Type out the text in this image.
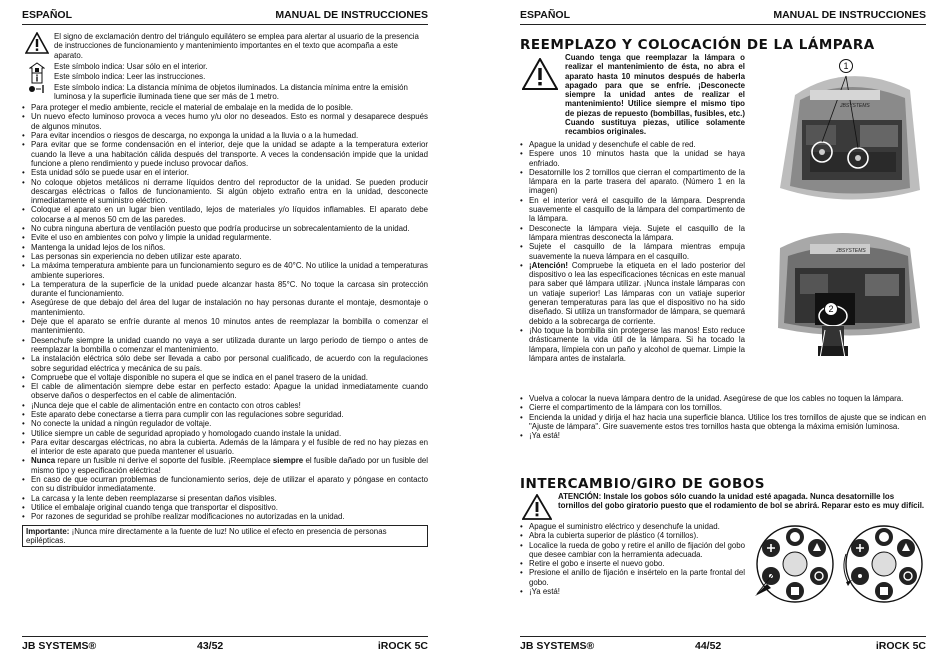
ESPAÑOL	MANUAL DE INSTRUCCIONES
El signo de exclamación dentro del triángulo equilátero se emplea para alertar al usuario de la presencia de instrucciones de funcionamiento y mantenimiento importantes en el texto que acompaña a este aparato.
Este símbolo indica: Usar sólo en el interior.
Este símbolo indica: Leer las instrucciones.
Este símbolo indica: La distancia mínima de objetos iluminados. La distancia mínima entre la emisión luminosa y la superficie iluminada tiene que ser más de 1 metro.
• Para proteger el medio ambiente, recicle el material de embalaje en la medida de lo posible.
• Un nuevo efecto luminoso provoca a veces humo y/u olor no deseados. Esto es normal y desaparece después de algunos minutos.
• Para evitar incendios o riesgos de descarga, no exponga la unidad a la lluvia o a la humedad.
• Para evitar que se forme condensación en el interior, deje que la unidad se adapte a la temperatura exterior cuando la lleve a una habitación cálida después del transporte. A veces la condensación impide que la unidad funcione a pleno rendimiento y puede incluso provocar daños.
• Esta unidad sólo se puede usar en el interior.
• No coloque objetos metálicos ni derrame líquidos dentro del reproductor de la unidad. Se pueden producir descargas eléctricas o fallos de funcionamiento. Si algún objeto extraño entra en la unidad, desconecte inmediatamente el suministro eléctrico.
• Coloque el aparato en un lugar bien ventilado, lejos de materiales y/o líquidos inflamables. El aparato debe colocarse a al menos 50 cm de las paredes.
• No cubra ninguna abertura de ventilación puesto que podría producirse un sobrecalentamiento de la unidad.
• Evite el uso en ambientes con polvo y limpie la unidad regularmente.
• Mantenga la unidad lejos de los niños.
• Las personas sin experiencia no deben utilizar este aparato.
• La máxima temperatura ambiente para un funcionamiento seguro es de 40°C. No utilice la unidad a temperaturas ambiente superiores.
• La temperatura de la superficie de la unidad puede alcanzar hasta 85°C. No toque la carcasa sin protección durante el funcionamiento.
• Asegúrese de que debajo del área del lugar de instalación no hay personas durante el montaje, desmontaje o mantenimiento.
• Deje que el aparato se enfríe durante al menos 10 minutos antes de reemplazar la bombilla o comenzar el mantenimiento.
• Desenchufe siempre la unidad cuando no vaya a ser utilizada durante un largo periodo de tiempo o antes de reemplazar la bombilla o comenzar el mantenimiento.
• La instalación eléctrica sólo debe ser llevada a cabo por personal cualificado, de acuerdo con la regulaciones sobre seguridad eléctrica y mecánica de su país.
• Compruebe que el voltaje disponible no supera el que se indica en el panel trasero de la unidad.
• El cable de alimentación siempre debe estar en perfecto estado: Apague la unidad inmediatamente cuando observe daños o desperfectos en el cable de alimentación.
• ¡Nunca deje que el cable de alimentación entre en contacto con otros cables!
• Este aparato debe conectarse a tierra para cumplir con las regulaciones sobre seguridad.
• No conecte la unidad a ningún regulador de voltaje.
• Utilice siempre un cable de seguridad apropiado y homologado cuando instale la unidad.
• Para evitar descargas eléctricas, no abra la cubierta. Además de la lámpara y el fusible de red no hay piezas en el interior de este aparato que pueda mantener el usuario.
• Nunca repare un fusible ni derive el soporte del fusible. ¡Reemplace siempre el fusible dañado por un fusible del mismo tipo y especificación eléctrica!
• En caso de que ocurran problemas de funcionamiento serios, deje de utilizar el aparato y póngase en contacto con su distribuidor inmediatamente.
• La carcasa y la lente deben reemplazarse si presentan daños visibles.
• Utilice el embalaje original cuando tenga que transportar el dispositivo.
• Por razones de seguridad se prohíbe realizar modificaciones no autorizadas en la unidad.
Importante: ¡Nunca mire directamente a la fuente de luz! No utilice el efecto en presencia de personas epilépticas.
JB SYSTEMS®	43/52	iROCK 5C
ESPAÑOL	MANUAL DE INSTRUCCIONES
REEMPLAZO Y COLOCACIÓN DE LA LÁMPARA
Cuando tenga que reemplazar la lámpara o realizar el mantenimiento de ésta, no abra el aparato hasta 10 minutos después de haberla apagado para que se enfríe. ¡Desconecte siempre la unidad antes de realizar el mantenimiento! Utilice siempre el mismo tipo de piezas de repuesto (bombillas, fusibles, etc.) Cuando sustituya piezas, utilice solamente recambios originales.
• Apague la unidad y desenchufe el cable de red.
• Espere unos 10 minutos hasta que la unidad se haya enfriado.
• Desatornille los 2 tornillos que cierran el compartimento de la lámpara en la parte trasera del aparato. (Número 1 en la imagen)
• En el interior verá el casquillo de la lámpara. Desprenda suavemente el casquillo de la lámpara del compartimento de la lámpara.
• Desconecte la lámpara vieja. Sujete el casquillo de la lámpara mientras desconecta la lámpara.
• Sujete el casquillo de la lámpara mientras empuja suavemente la nueva lámpara en el casquillo.
• ¡Atención! Compruebe la etiqueta en el lado posterior del dispositivo o lea las especificaciones técnicas en este manual para saber qué lámpara utilizar. ¡Nunca instale lámparas con un vatiaje superior! Las lámparas con un vatiaje superior generan temperaturas para las que el dispositivo no ha sido diseñado. Si utiliza un transformador de lámpara, se quemará debido a la sobrecarga de corriente.
• ¡No toque la bombilla sin protegerse las manos! Esto reduce drásticamente la vida útil de la lámpara. Si ha tocado la lámpara, límpiela con un paño y alcohol de quemar. Limpie la lámpara antes de instalarla.
• Vuelva a colocar la nueva lámpara dentro de la unidad. Asegúrese de que los cables no toquen la lámpara.
• Cierre el compartimento de la lámpara con los tornillos.
• Encienda la unidad y dirija el haz hacia una superficie blanca. Utilice los tres tornillos de ajuste que se indican en "Ajuste de lámpara". Gire suavemente estos tres tornillos hasta que obtenga la máxima emisión luminosa.
• ¡Ya está!
1
JBSYSTEMS
2
JBSYSTEMS
INTERCAMBIO/GIRO DE GOBOS
ATENCIÓN: Instale los gobos sólo cuando la unidad esté apagada. Nunca desatornille los tornillos del gobo giratorio puesto que el rodamiento de bol se abrirá. Reparar esto es muy difícil.
• Apague el suministro eléctrico y desenchufe la unidad.
• Abra la cubierta superior de plástico (4 tornillos).
• Localice la rueda de gobo y retire el anillo de fijación del gobo que desee cambiar con la herramienta adecuada.
• Retire el gobo e inserte el nuevo gobo.
• Presione el anillo de fijación e insértelo en la parte frontal del gobo.
• ¡Ya está!
JB SYSTEMS®	44/52	iROCK 5C
